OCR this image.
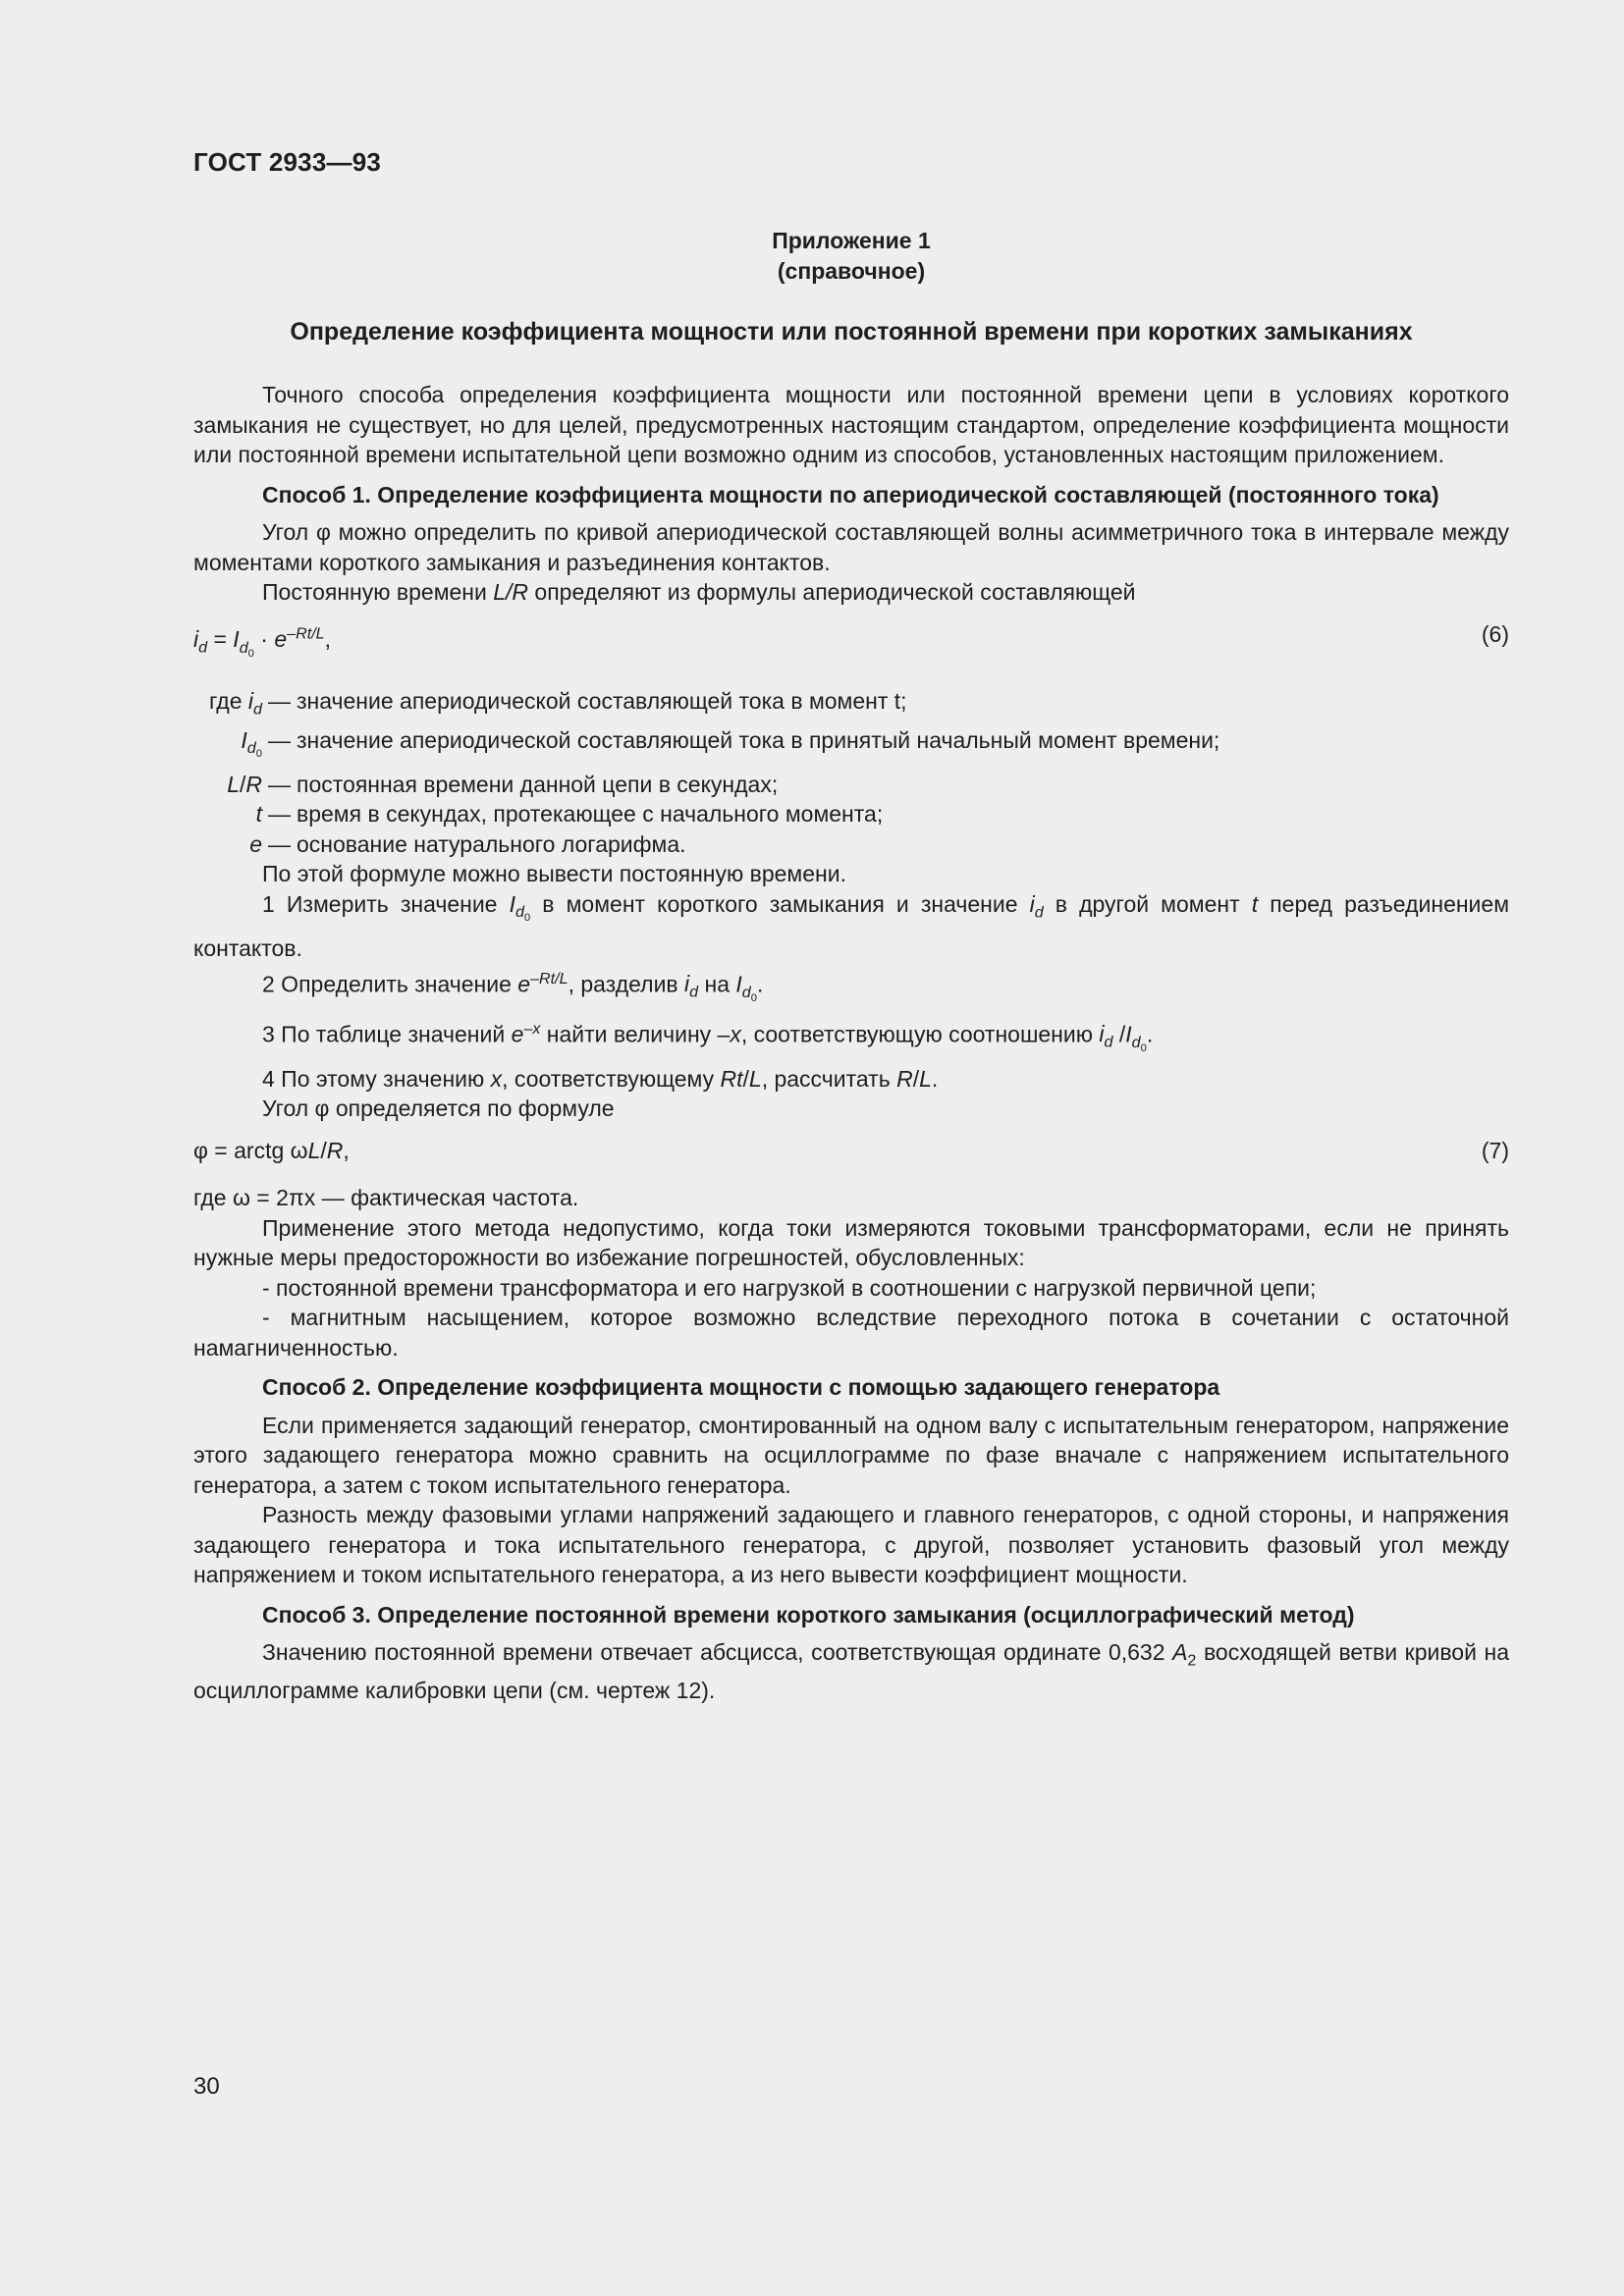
ГОСТ 2933—93
Приложение 1
(справочное)
Определение коэффициента мощности или постоянной времени при коротких замыканиях

Точного способа определения коэффициента мощности или постоянной времени цепи в условиях короткого замыкания не существует, но для целей, предусмотренных настоящим стандартом, определение коэффициента мощности или постоянной времени испытательной цепи возможно одним из способов, установленных настоящим приложением.

Способ 1. Определение коэффициента мощности по апериодической составляющей (постоянного тока)

Угол φ можно определить по кривой апериодической составляющей волны асимметричного тока в интервале между моментами короткого замыкания и разъединения контактов.

Постоянную времени L/R определяют из формулы апериодической составляющей

$i_d = I_{d_0} \cdot e^{-Rt/L}$,	(6)

где $i_d$ — значение апериодической составляющей тока в момент t;
$I_{d_0}$
— значение апериодической составляющей тока в принятый начальный момент времени;
L/R — постоянная времени данной цепи в секундах;
t — время в секундах, протекающее с начального момента;
e — основание натурального логарифма.

По этой формуле можно вывести постоянную времени.

1 Измерить значение $I_{d_0}$ в момент короткого замыкания и значение $i_d$ в другой момент t перед разъединением контактов.

2 Определить значение $e^{-Rt/L}$, разделив $i_d$ на $I_{d_0}$.

3 По таблице значений $e^{-x}$ найти величину –x, соответствующую соотношению $i_d$ $/I_{d_0}$.

4 По этому значению x, соответствующему Rt/L, рассчитать R/L.

Угол φ определяется по формуле

φ = arctg ωL/R,	(7)

где ω = 2πx — фактическая частота.

Применение этого метода недопустимо, когда токи измеряются токовыми трансформаторами, если не принять нужные меры предосторожности во избежание погрешностей, обусловленных:

- постоянной времени трансформатора и его нагрузкой в соотношении с нагрузкой первичной цепи;

- магнитным насыщением, которое возможно вследствие переходного потока в сочетании с остаточной намагниченностью.

Способ 2. Определение коэффициента мощности с помощью задающего генератора

Если применяется задающий генератор, смонтированный на одном валу с испытательным генератором, напряжение этого задающего генератора можно сравнить на осциллограмме по фазе вначале с напряжением испытательного генератора, а затем с током испытательного генератора.

Разность между фазовыми углами напряжений задающего и главного генераторов, с одной стороны, и напряжения задающего генератора и тока испытательного генератора, с другой, позволяет установить фазовый угол между напряжением и током испытательного генератора, а из него вывести коэффициент мощности.

Способ 3. Определение постоянной времени короткого замыкания (осциллографический метод)

Значению постоянной времени отвечает абсцисса, соответствующая ординате 0,632 $A_2$ восходящей ветви кривой на осциллограмме калибровки цепи (см. чертеж 12).

30
